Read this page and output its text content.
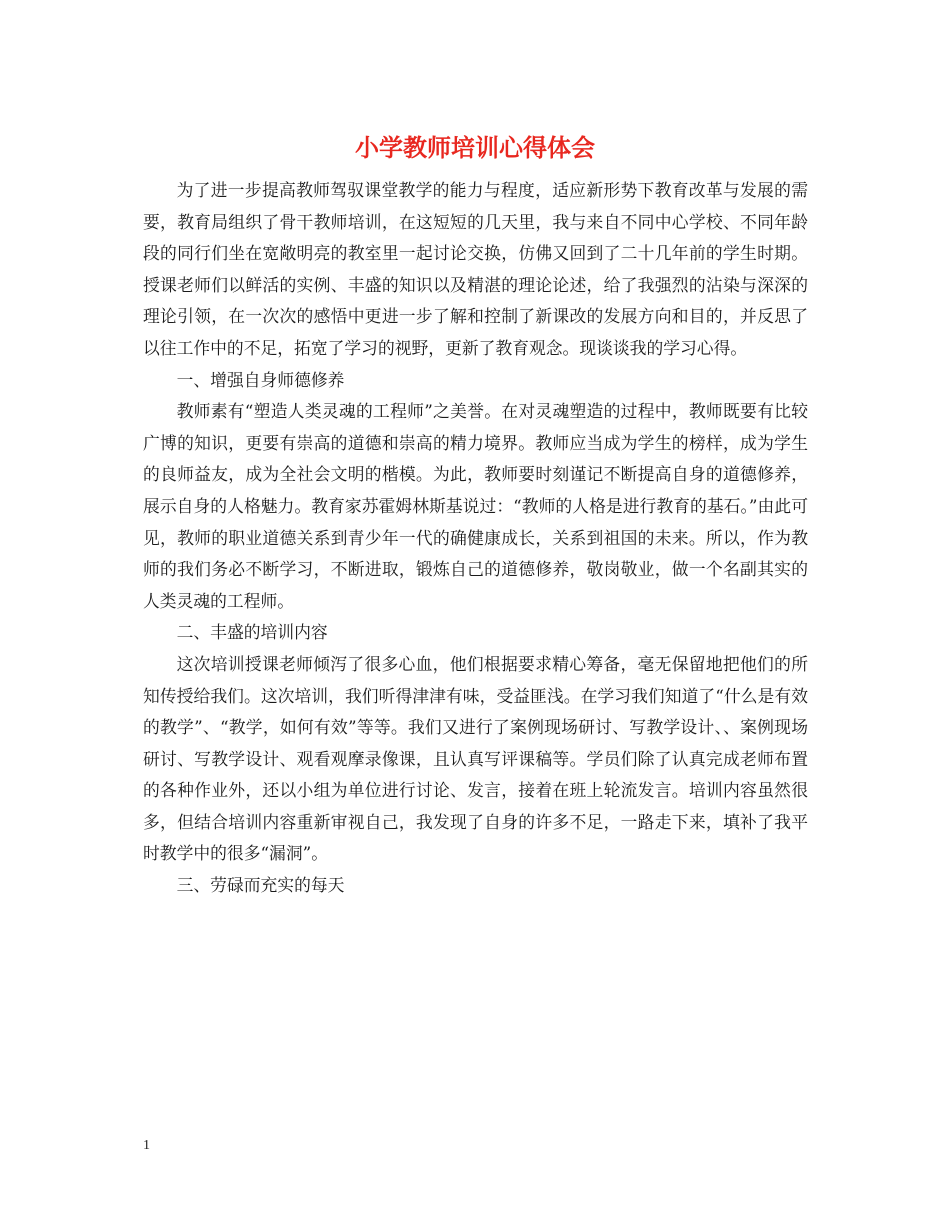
小学教师培训心得体会

为了进一步提高教师驾驭课堂教学的能力与程度，适应新形势下教育改革与发展的需要，教育局组织了骨干教师培训，在这短短的几天里，我与来自不同中心学校、不同年龄段的同行们坐在宽敞明亮的教室里一起讨论交换，仿佛又回到了二十几年前的学生时期。授课老师们以鲜活的实例、丰盛的知识以及精湛的理论论述，给了我强烈的沾染与深深的理论引领，在一次次的感悟中更进一步了解和控制了新课改的发展方向和目的，并反思了以往工作中的不足，拓宽了学习的视野，更新了教育观念。现谈谈我的学习心得。

一、增强自身师德修养

教师素有“塑造人类灵魂的工程师”之美誉。在对灵魂塑造的过程中，教师既要有比较广博的知识，更要有崇高的道德和崇高的精力境界。教师应当成为学生的榜样，成为学生的良师益友，成为全社会文明的楷模。为此，教师要时刻谨记不断提高自身的道德修养，展示自身的人格魅力。教育家苏霍姆林斯基说过：“教师的人格是进行教育的基石。”由此可见，教师的职业道德关系到青少年一代的确健康成长，关系到祖国的未来。所以，作为教师的我们务必不断学习，不断进取，锻炼自己的道德修养，敬岗敬业，做一个名副其实的人类灵魂的工程师。

二、丰盛的培训内容

这次培训授课老师倾泻了很多心血，他们根据要求精心筹备，毫无保留地把他们的所知传授给我们。这次培训，我们听得津津有味，受益匪浅。在学习我们知道了“什么是有效的教学”、“教学，如何有效”等等。我们又进行了案例现场研讨、写教学设计、、案例现场研讨、写教学设计、观看观摩录像课，且认真写评课稿等。学员们除了认真完成老师布置的各种作业外，还以小组为单位进行讨论、发言，接着在班上轮流发言。培训内容虽然很多，但结合培训内容重新审视自己，我发现了自身的许多不足，一路走下来，填补了我平时教学中的很多“漏洞”。

三、劳碌而充实的每天

1
